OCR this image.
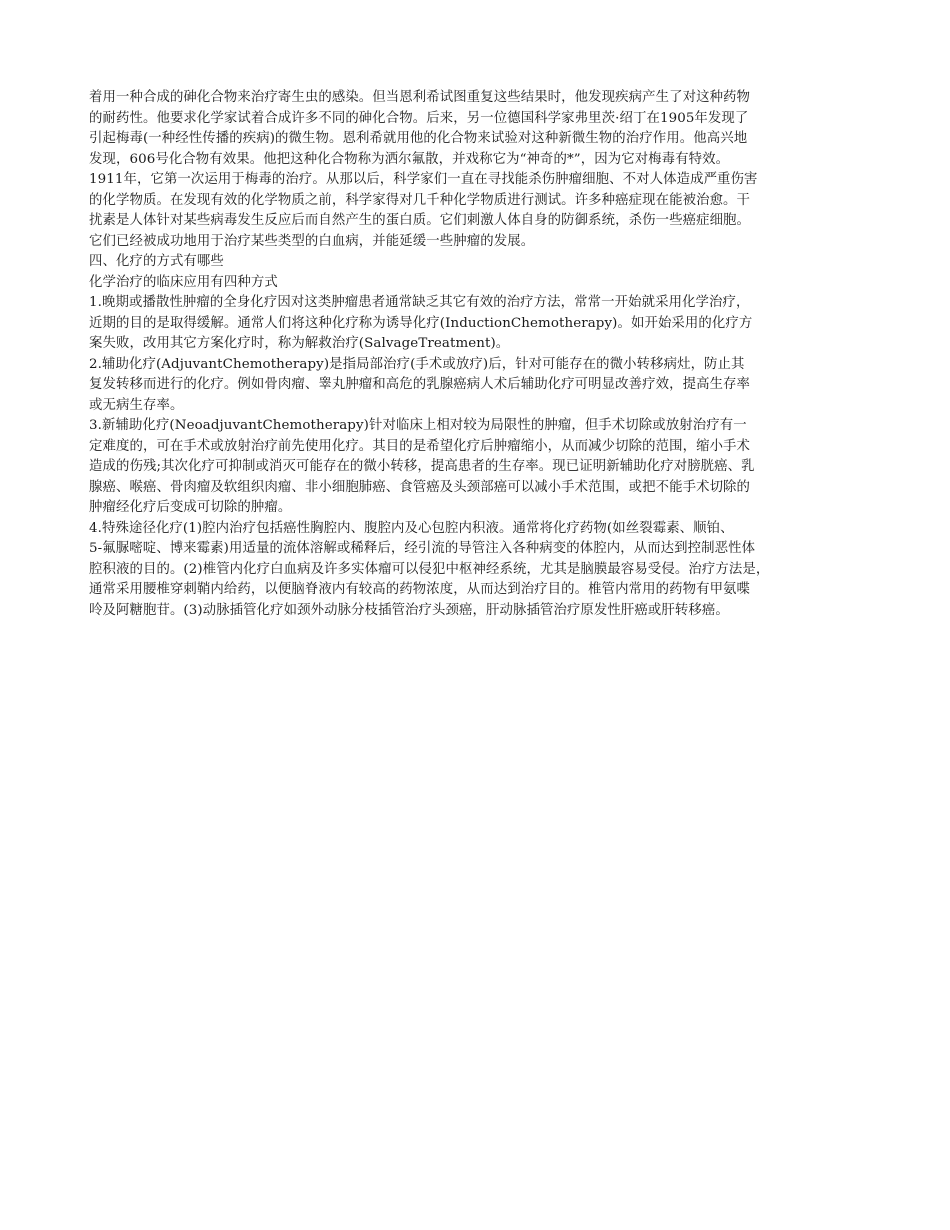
着用一种合成的砷化合物来治疗寄生虫的感染。但当恩利希试图重复这些结果时，他发现疾病产生了对这种药物
的耐药性。他要求化学家试着合成许多不同的砷化合物。后来，另一位德国科学家弗里茨·绍丁在1905年发现了
引起梅毒(一种经性传播的疾病)的微生物。恩利希就用他的化合物来试验对这种新微生物的治疗作用。他高兴地
发现，606号化合物有效果。他把这种化合物称为洒尔氟散，并戏称它为“神奇的*”，因为它对梅毒有特效。
1911年，它第一次运用于梅毒的治疗。从那以后，科学家们一直在寻找能杀伤肿瘤细胞、不对人体造成严重伤害
的化学物质。在发现有效的化学物质之前，科学家得对几千种化学物质进行测试。许多种癌症现在能被治愈。干
扰素是人体针对某些病毒发生反应后而自然产生的蛋白质。它们刺激人体自身的防御系统，杀伤一些癌症细胞。
它们已经被成功地用于治疗某些类型的白血病，并能延缓一些肿瘤的发展。
四、化疗的方式有哪些
化学治疗的临床应用有四种方式
1.晚期或播散性肿瘤的全身化疗因对这类肿瘤患者通常缺乏其它有效的治疗方法，常常一开始就采用化学治疗，
近期的目的是取得缓解。通常人们将这种化疗称为诱导化疗(InductionChemotherapy)。如开始采用的化疗方
案失败，改用其它方案化疗时，称为解救治疗(SalvageTreatment)。
2.辅助化疗(AdjuvantChemotherapy)是指局部治疗(手术或放疗)后，针对可能存在的微小转移病灶，防止其
复发转移而进行的化疗。例如骨肉瘤、睾丸肿瘤和高危的乳腺癌病人术后辅助化疗可明显改善疗效，提高生存率
或无病生存率。
3.新辅助化疗(NeoadjuvantChemotherapy)针对临床上相对较为局限性的肿瘤，但手术切除或放射治疗有一
定难度的，可在手术或放射治疗前先使用化疗。其目的是希望化疗后肿瘤缩小，从而减少切除的范围，缩小手术
造成的伤残;其次化疗可抑制或消灭可能存在的微小转移，提高患者的生存率。现已证明新辅助化疗对膀胱癌、乳
腺癌、喉癌、骨肉瘤及软组织肉瘤、非小细胞肺癌、食管癌及头颈部癌可以减小手术范围，或把不能手术切除的
肿瘤经化疗后变成可切除的肿瘤。
4.特殊途径化疗(1)腔内治疗包括癌性胸腔内、腹腔内及心包腔内积液。通常将化疗药物(如丝裂霉素、顺铂、
5-氟脲嘧啶、博来霉素)用适量的流体溶解或稀释后，经引流的导管注入各种病变的体腔内，从而达到控制恶性体
腔积液的目的。(2)椎管内化疗白血病及许多实体瘤可以侵犯中枢神经系统，尤其是脑膜最容易受侵。治疗方法是，
通常采用腰椎穿刺鞘内给药，以便脑脊液内有较高的药物浓度，从而达到治疗目的。椎管内常用的药物有甲氨喋
呤及阿糖胞苷。(3)动脉插管化疗如颈外动脉分枝插管治疗头颈癌，肝动脉插管治疗原发性肝癌或肝转移癌。
